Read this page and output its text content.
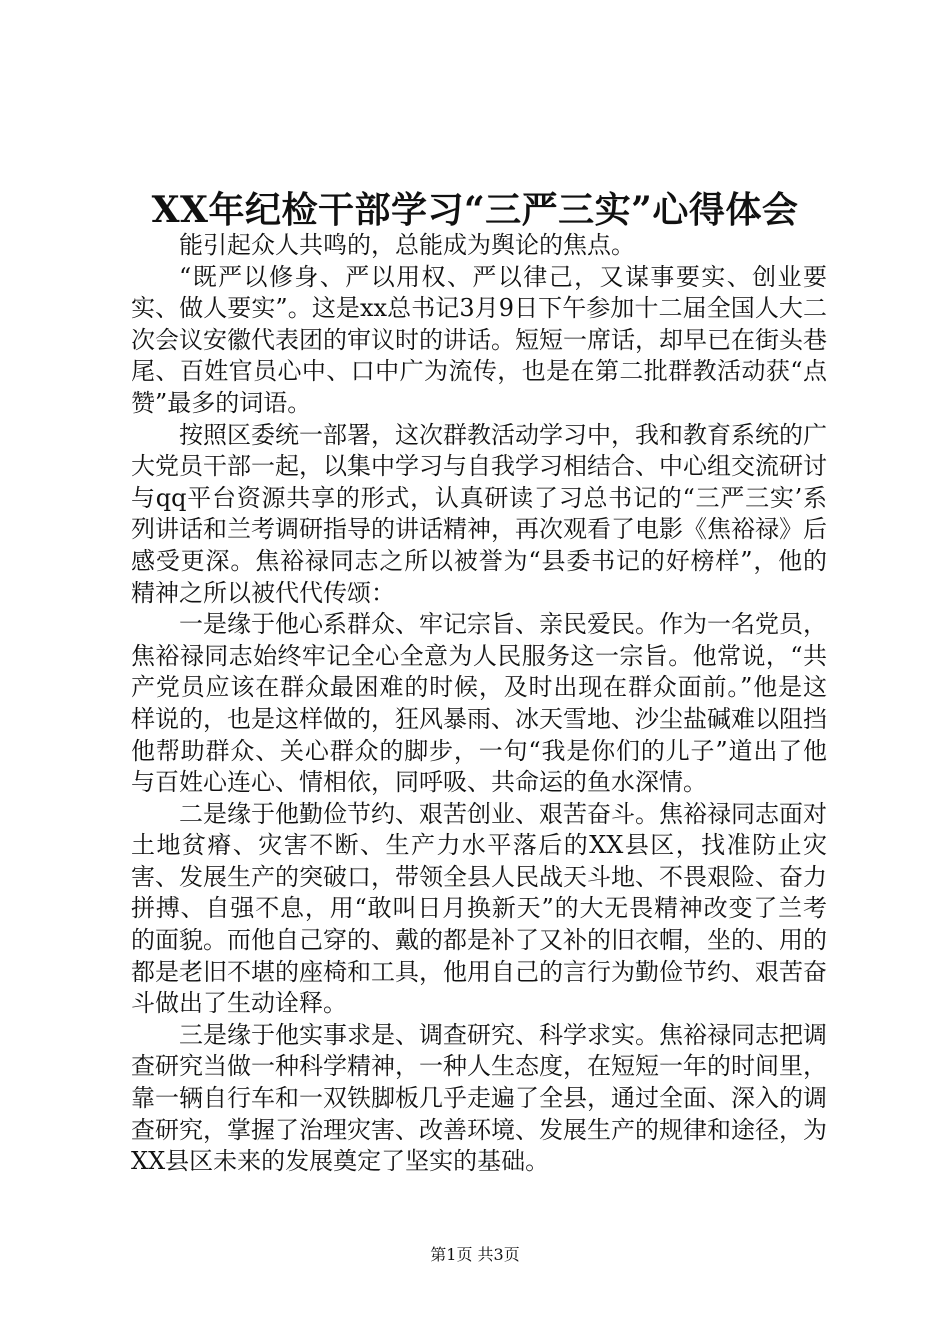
XX年纪检干部学习“三严三实”心得体会

能引起众人共鸣的，总能成为舆论的焦点。

“既严以修身、严以用权、严以律己，又谋事要实、创业要实、做人要实”。这是xx总书记3月9日下午参加十二届全国人大二次会议安徽代表团的审议时的讲话。短短一席话，却早已在街头巷尾、百姓官员心中、口中广为流传，也是在第二批群教活动获“点赞”最多的词语。

按照区委统一部署，这次群教活动学习中，我和教育系统的广大党员干部一起，以集中学习与自我学习相结合、中心组交流研讨与qq平台资源共享的形式，认真研读了习总书记的“三严三实’系列讲话和兰考调研指导的讲话精神，再次观看了电影《焦裕禄》后感受更深。焦裕禄同志之所以被誉为“县委书记的好榜样”，他的精神之所以被代代传颂：

一是缘于他心系群众、牢记宗旨、亲民爱民。作为一名党员，焦裕禄同志始终牢记全心全意为人民服务这一宗旨。他常说，“共产党员应该在群众最困难的时候，及时出现在群众面前。”他是这样说的，也是这样做的，狂风暴雨、冰天雪地、沙尘盐碱难以阻挡他帮助群众、关心群众的脚步，一句“我是你们的儿子”道出了他与百姓心连心、情相依，同呼吸、共命运的鱼水深情。

二是缘于他勤俭节约、艰苦创业、艰苦奋斗。焦裕禄同志面对土地贫瘠、灾害不断、生产力水平落后的XX县区，找准防止灾害、发展生产的突破口，带领全县人民战天斗地、不畏艰险、奋力拼搏、自强不息，用“敢叫日月换新天”的大无畏精神改变了兰考的面貌。而他自己穿的、戴的都是补了又补的旧衣帽，坐的、用的都是老旧不堪的座椅和工具，他用自己的言行为勤俭节约、艰苦奋斗做出了生动诠释。

三是缘于他实事求是、调查研究、科学求实。焦裕禄同志把调查研究当做一种科学精神，一种人生态度，在短短一年的时间里，靠一辆自行车和一双铁脚板几乎走遍了全县，通过全面、深入的调查研究，掌握了治理灾害、改善环境、发展生产的规律和途径，为XX县区未来的发展奠定了坚实的基础。

第1页 共3页
